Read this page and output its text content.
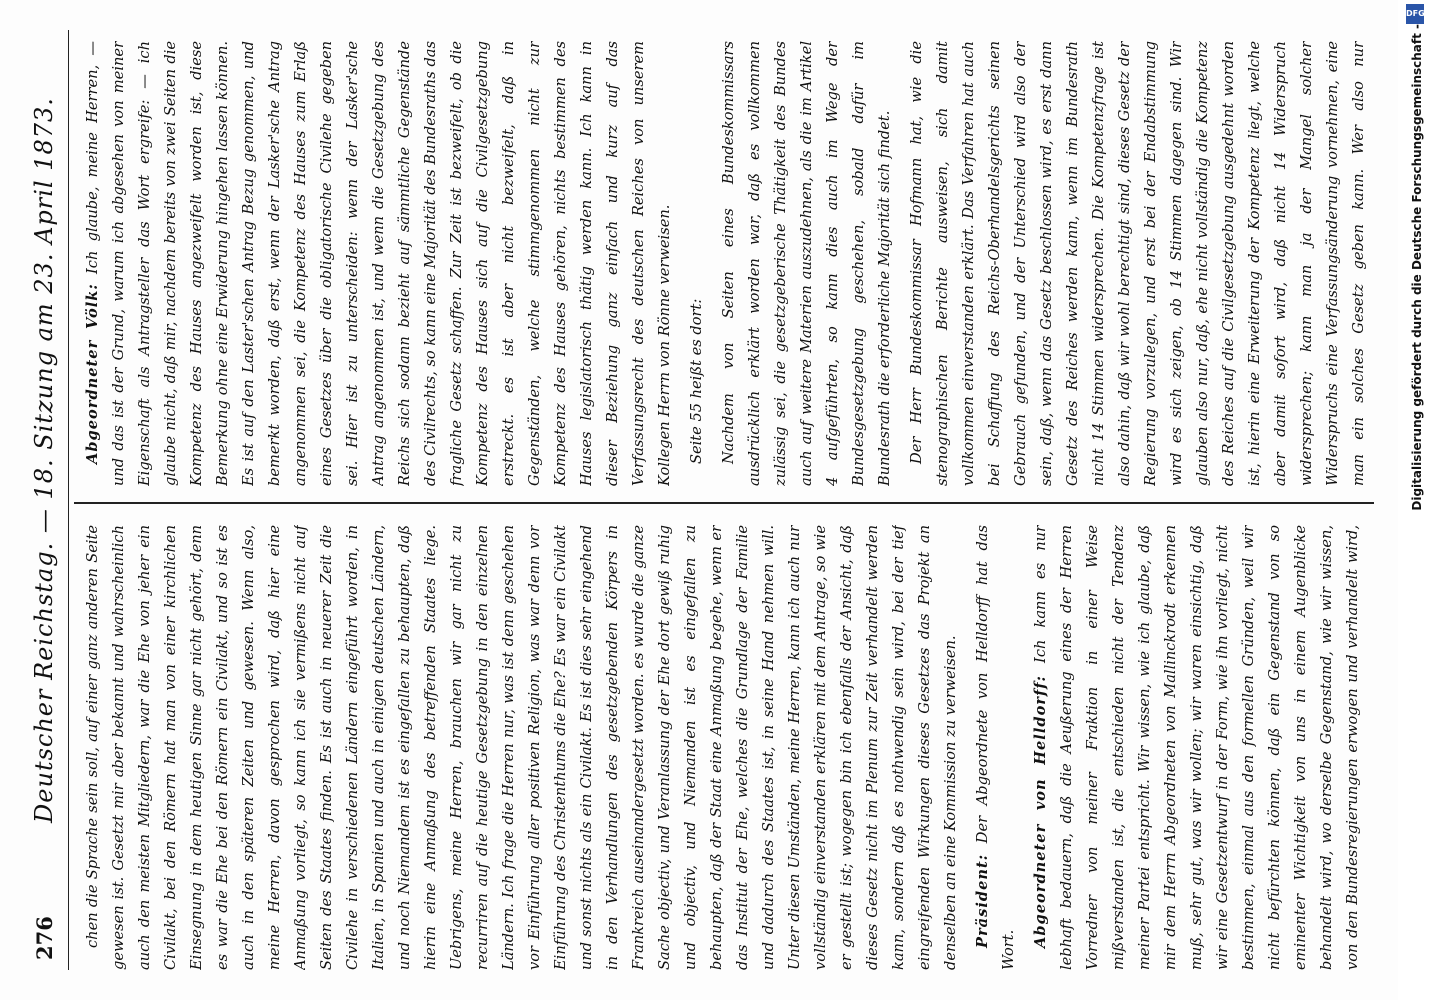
276
Deutscher Reichstag. — 18. Sitzung am 23. April 1873. chen die Sprache sein soll, auf einer ganz anderen Seite gewesen ist. Gesetzt mir aber bekannt und wahrscheinlich auch den meisten Mitgliedern, war die Ehe von jeher ein Civilakt, bei den Römern hat man von einer kirchlichen Einsegnung in dem heutigen Sinne gar nicht gehört, denn es war die Ehe bei den Römern ein Civilakt, und so ist es auch in den späteren Zeiten und gewesen. Wenn also, meine Herren, davon gesprochen wird, daß hier eine Anmaßung vorliegt, so kann ich sie vermißens nicht auf Seiten des Staates finden. Es ist auch in neuerer Zeit die Civilehe in verschiedenen Ländern eingeführt worden, in Italien, in Spanien und auch in einigen deutschen Ländern, und noch Niemandem ist es eingefallen zu behaupten, daß hierin eine Anmaßung des betreffenden Staates liege. Uebrigens, meine Herren, brauchen wir gar nicht zu recurriren auf die heutige Gesetzgebung in den einzelnen Ländern. Ich frage die Herren nur, was ist denn geschehen vor Einführung aller positiven Religion, was war denn vor Einführung des Christenthums die Ehe? Es war ein Civilakt und sonst nichts als ein Civilakt. Es ist dies sehr eingehend in den Verhandlungen des gesetzgebenden Körpers in Frankreich auseinandergesetzt worden. es wurde die ganze Sache objectiv, und Veranlassung der Ehe dort gewiß ruhig und objectiv, und Niemanden ist es eingefallen zu behaupten, daß der Staat eine Anmaßung begehe, wenn er das Institut der Ehe, welches die Grundlage der Familie und dadurch des Staates ist, in seine Hand nehmen will. Unter diesen Umständen, meine Herren, kann ich auch nur vollständig einverstanden erklären mit dem Antrage, so wie er gestellt ist; wogegen bin ich ebenfalls der Ansicht, daß dieses Gesetz nicht im Plenum zur Zeit verhandelt werden kann, sondern daß es nothwendig sein wird, bei der tief eingreifenden Wirkungen dieses Gesetzes das Projekt an denselben an eine Kommission zu verweisen.	Präsident: Der Abgeordnete von Helldorff hat das Wort.

Abgeordneter von Helldorff: Ich kann es nur lebhaft bedauern, daß die Aeußerung eines der Herren Vorredner von meiner Fraktion in einer Weise mißverstanden ist, die entschieden nicht der Tendenz meiner Partei entspricht. Wir wissen, wie ich glaube, daß mir dem Herrn Abgeordneten von Mallinckrodt erkennen muß, sehr gut, was wir wollen; wir waren einsichtig, daß wir eine Gesetzentwurf in der Form, wie ihn vorliegt, nicht bestimmen, einmal aus den formellen Gründen, weil wir nicht befürchten können, daß ein Gegenstand von so eminenter Wichtigkeit von uns in einem Augenblicke behandelt wird, wo derselbe Gegenstand, wie wir wissen, von den Bundesregierungen erwogen und verhandelt wird,

Abgeordneter Völk: Ich glaube, meine Herren, — und das ist der Grund, warum ich abgesehen von meiner Eigenschaft als Antragsteller das Wort ergreife: — ich glaube nicht, daß mir, nachdem bereits von zwei Seiten die Kompetenz des Hauses angezweifelt worden ist, diese Bemerkung ohne eine Erwiderung hingehen lassen können. Es ist auf den Laster'schen Antrag Bezug genommen, und bemerkt worden, daß erst, wenn der Lasker'sche Antrag angenommen sei, die Kompetenz des Hauses zum Erlaß eines Gesetzes über die obligatorische Civilehe gegeben sei. Hier ist zu unterscheiden: wenn der Lasker'sche Antrag angenommen ist, und wenn die Gesetzgebung des Reichs sich sodann bezieht auf sämmtliche Gegenstände des Civilrechts, so kann eine Majorität des Bundesraths das fragliche Gesetz schaffen. Zur Zeit ist bezweifelt, ob die Kompetenz des Hauses sich auf die Civilgesetzgebung erstreckt. es ist aber nicht bezweifelt, daß in Gegenständen, welche stimmgenommen nicht zur Kompetenz des Hauses gehören, nichts bestimmen des Hauses legislatorisch thätig werden kann. Ich kann in dieser Beziehung ganz einfach und kurz auf das Verfassungsrecht des deutschen Reiches von unserem Kollegen Herrn von Rönne verweisen.	Seite 55 heißt es dort:	Nachdem von Seiten eines Bundeskommissars ausdrücklich erklärt worden war, daß es vollkommen zulässig sei, die gesetzgeberische Thätigkeit des Bundes auch auf weitere Materien auszudehnen, als die im Artikel 4 aufgeführten, so kann dies auch im Wege der Bundesgesetzgebung geschehen, sobald dafür im Bundesrath die erforderliche Majorität sich findet.	Der Herr Bundeskommissar Hofmann hat, wie die stenographischen Berichte ausweisen, sich damit vollkommen einverstanden erklärt. Das Verfahren hat auch bei Schaffung des Reichs-Oberhandelsgerichts seinen Gebrauch gefunden, und der Unterschied wird also der sein, daß, wenn das Gesetz beschlossen wird, es erst dann Gesetz des Reiches werden kann, wenn im Bundesrath nicht 14 Stimmen widersprechen. Die Kompetenzfrage ist also dahin, daß wir wohl berechtigt sind, dieses Gesetz der Regierung vorzulegen, und erst bei der Endabstimmung wird es sich zeigen, ob 14 Stimmen dagegen sind. Wir glauben also nur, daß, ehe nicht vollständig die Kompetenz des Reiches auf die Civilgesetzgebung ausgedehnt worden ist, hierin eine Erweiterung der Kompetenz liegt, welche aber damit sofort wird, daß nicht 14 Widerspruch widersprechen; kann man ja der Mangel solcher Widerspruchs eine Verfassungsänderung vornehmen, eine man ein solches Gesetz geben kann. Wer also nur

DFG
Digitalisierung gefördert durch die Deutsche Forschungsgemeinschaft -
